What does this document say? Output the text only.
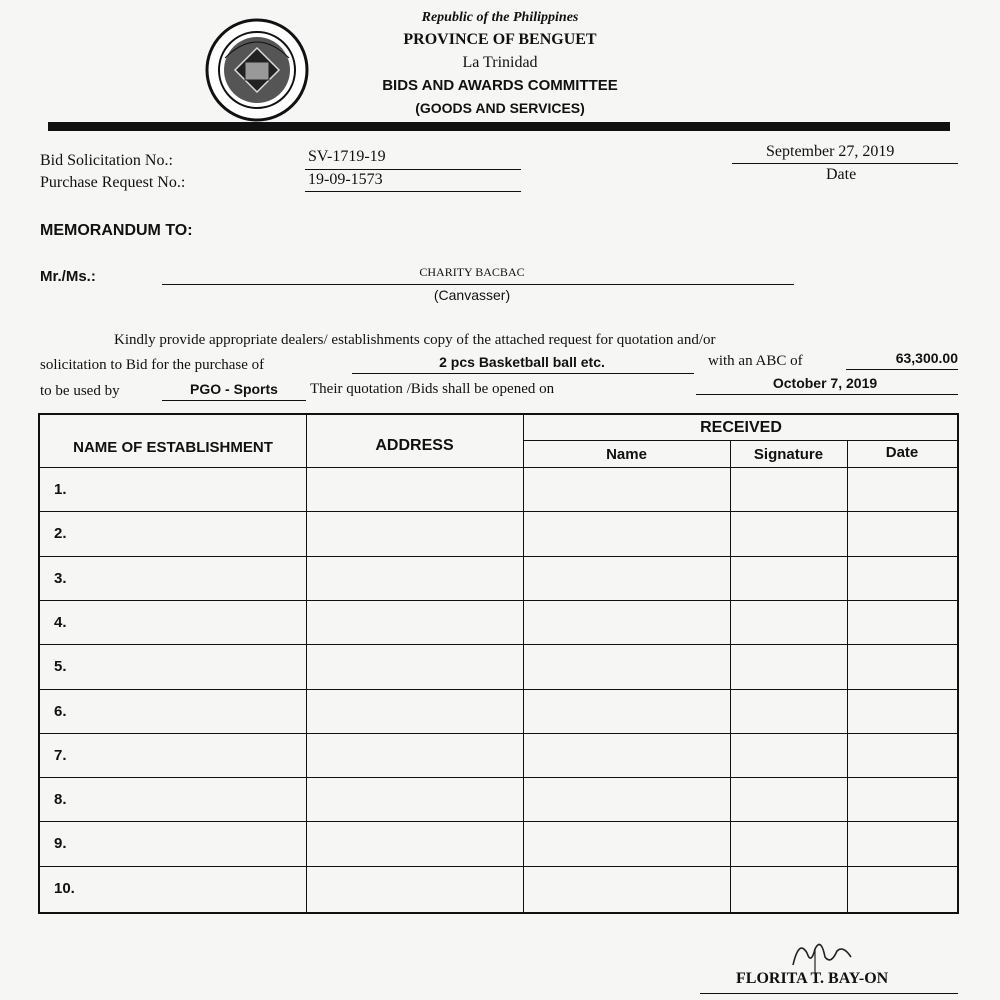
Republic of the Philippines
PROVINCE OF BENGUET
La Trinidad
BIDS AND AWARDS COMMITTEE
(GOODS AND SERVICES)
Bid Solicitation No.:	SV-1719-19
Purchase Request No.:	19-09-1573
September 27, 2019
Date
MEMORANDUM TO:
Mr./Ms.:	CHARITY BACBAC
(Canvasser)
Kindly provide appropriate dealers/ establishments copy of the attached request for quotation and/or
solicitation to Bid for the purchase of	2 pcs Basketball ball etc.	with an ABC of	63,300.00
to be used by	PGO - Sports	Their quotation /Bids shall be opened on	October 7, 2019
NAME OF ESTABLISHMENT	ADDRESS
RECEIVED
Name	Signature	Date
1.
2.
3.
4.
5.
6.
7.
8.
9.
10.
FLORITA T. BAY-ON
